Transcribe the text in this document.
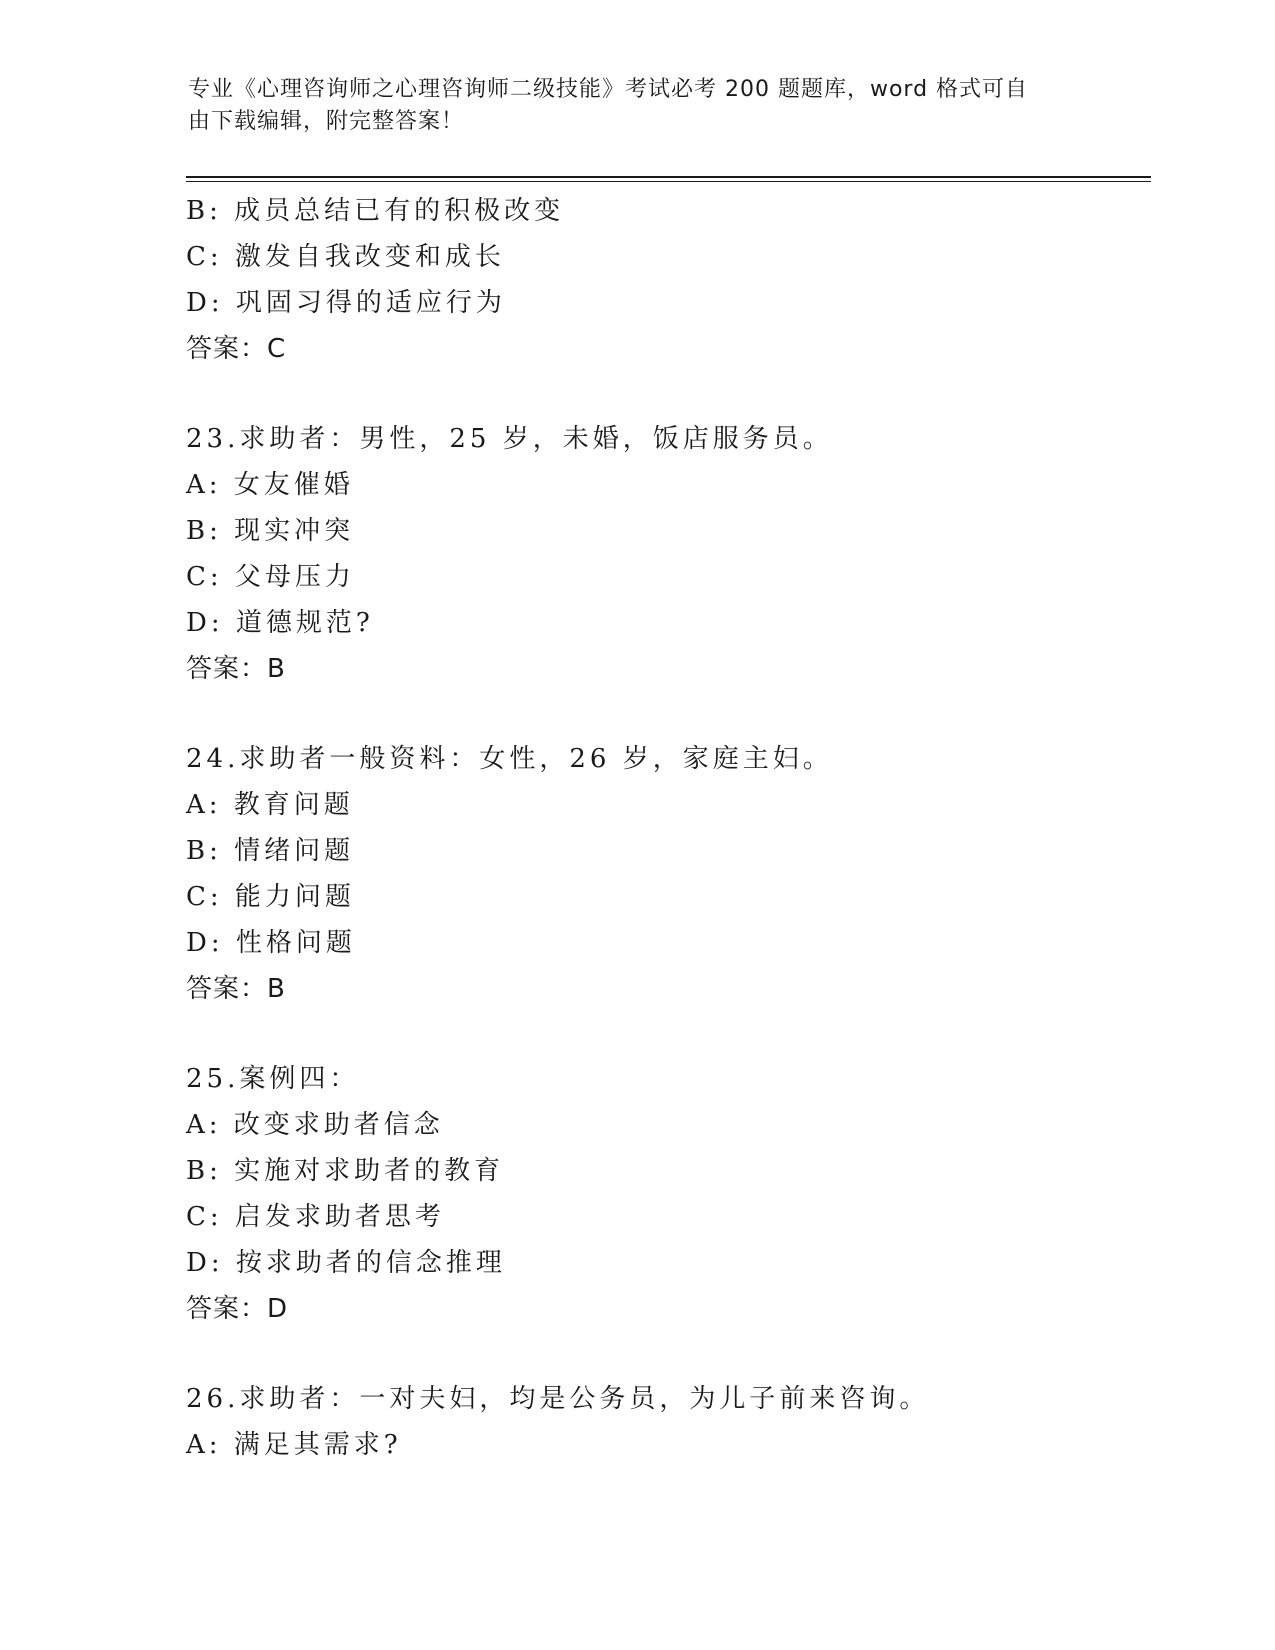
专业《心理咨询师之心理咨询师二级技能》考试必考 200 题题库，word 格式可自
由下载编辑，附完整答案！
B: 成员总结已有的积极改变
C: 激发自我改变和成长
D: 巩固习得的适应行为
答案：C
23.求助者：男性，25 岁，未婚，饭店服务员。
A: 女友催婚
B: 现实冲突
C: 父母压力
D: 道德规范?
答案：B
24.求助者一般资料：女性，26 岁，家庭主妇。
A: 教育问题
B: 情绪问题
C: 能力问题
D: 性格问题
答案：B
25.案例四：
A: 改变求助者信念
B: 实施对求助者的教育
C: 启发求助者思考
D: 按求助者的信念推理
答案：D
26.求助者：一对夫妇，均是公务员，为儿子前来咨询。
A: 满足其需求?
